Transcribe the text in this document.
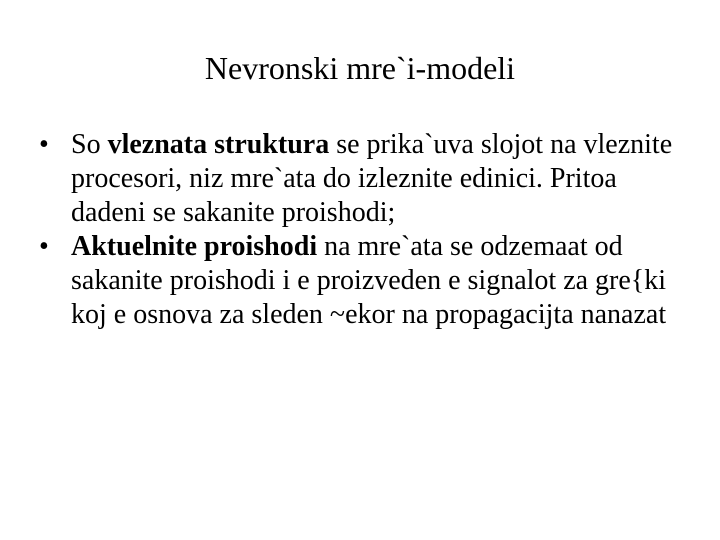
Nevronski mre`i-modeli
• So vleznata struktura se prika`uva slojot na vleznite procesori, niz mre`ata do izleznite edinici. Pritoa dadeni se sakanite proishodi;
• Aktuelnite proishodi na mre`ata se odzemaat od sakanite proishodi i e proizveden e signalot za gre{ki koj e osnova za sleden ~ekor na propagacijta nanazat
